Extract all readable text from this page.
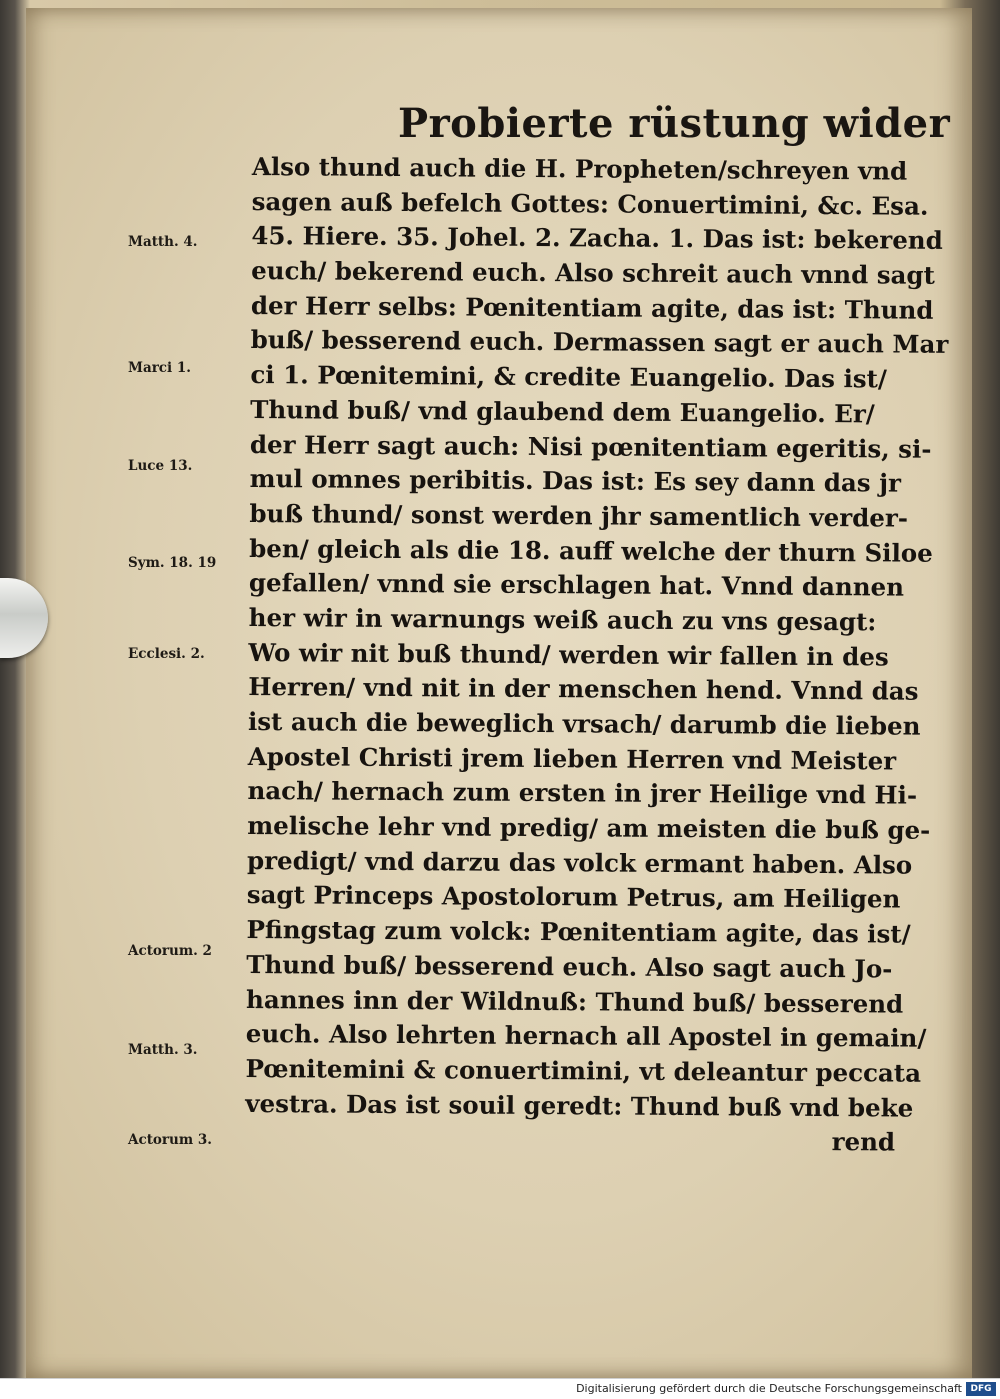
Probierte rüstung wider
Matth. 4.
Marci 1.
Luce 13.
Sym. 18. 19
Ecclesi. 2.
Actorum. 2
Matth. 3.
Actorum 3.
Also thund auch die H. Propheten/schreyen vnd
sagen auß befelch Gottes: Conuertimini, &c. Esa.
45. Hiere. 35. Johel. 2. Zacha. 1. Das ist: bekerend
euch/ bekerend euch. Also schreit auch vnnd sagt
der Herr selbs: Pœnitentiam agite, das ist: Thund
buß/ besserend euch. Dermassen sagt er auch Mar
ci 1. Pœnitemini, & credite Euangelio. Das ist/
Thund buß/ vnd glaubend dem Euangelio. Er/
der Herr sagt auch: Nisi pœnitentiam egeritis, si-
mul omnes peribitis. Das ist: Es sey dann das jr
buß thund/ sonst werden jhr samentlich verder-
ben/ gleich als die 18. auff welche der thurn Siloe
gefallen/ vnnd sie erschlagen hat. Vnnd dannen
her wir in warnungs weiß auch zu vns gesagt:
Wo wir nit buß thund/ werden wir fallen in des
Herren/ vnd nit in der menschen hend. Vnnd das
ist auch die beweglich vrsach/ darumb die lieben
Apostel Christi jrem lieben Herren vnd Meister
nach/ hernach zum ersten in jrer Heilige vnd Hi-
melische lehr vnd predig/ am meisten die buß ge-
predigt/ vnd darzu das volck ermant haben. Also
sagt Princeps Apostolorum Petrus, am Heiligen
Pfingstag zum volck: Pœnitentiam agite, das ist/
Thund buß/ besserend euch. Also sagt auch Jo-
hannes inn der Wildnuß: Thund buß/ besserend
euch. Also lehrten hernach all Apostel in gemain/
Pœnitemini & conuertimini, vt deleantur peccata
vestra. Das ist souil geredt: Thund buß vnd beke
rend
Digitalisierung gefördert durch die Deutsche Forschungsgemeinschaft DFG
